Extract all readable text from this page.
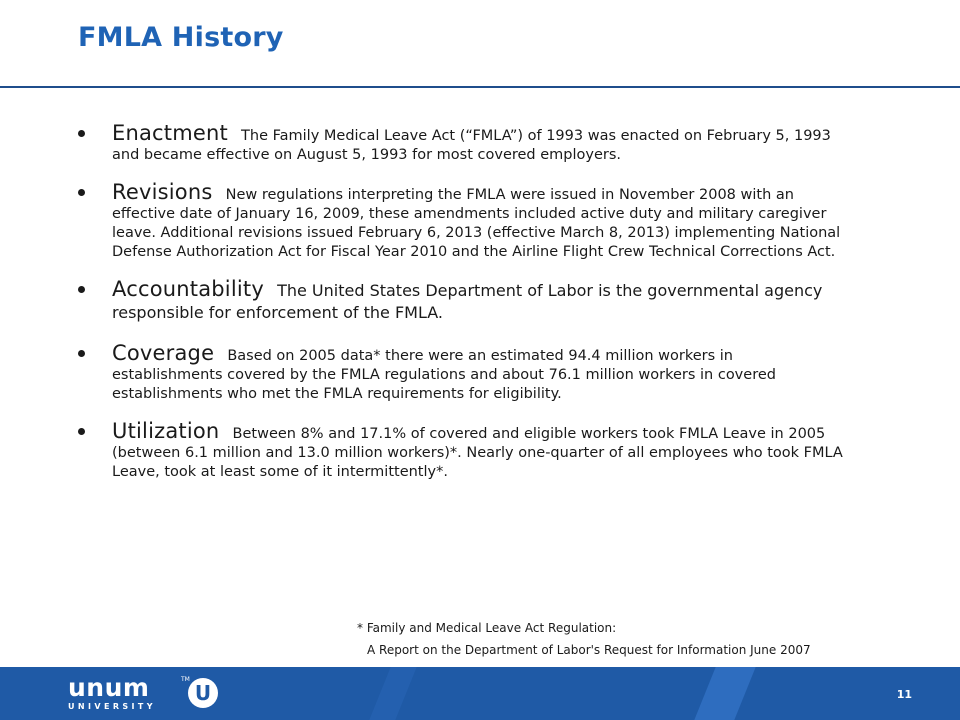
FMLA History
Enactment The Family Medical Leave Act (“FMLA”) of 1993 was enacted on February 5, 1993 and became effective on August 5, 1993 for most covered employers.
Revisions New regulations interpreting the FMLA were issued in November 2008 with an effective date of January 16, 2009, these amendments included active duty and military caregiver leave. Additional revisions issued February 6, 2013 (effective March 8, 2013) implementing National Defense Authorization Act for Fiscal Year 2010 and the Airline Flight Crew Technical Corrections Act.
Accountability The United States Department of Labor is the governmental agency responsible for enforcement of the FMLA.
Coverage Based on 2005 data* there were an estimated 94.4 million workers in establishments covered by the FMLA regulations and about 76.1 million workers in covered establishments who met the FMLA requirements for eligibility.
Utilization Between 8% and 17.1% of covered and eligible workers took FMLA Leave in 2005 (between 6.1 million and 13.0 million workers)*. Nearly one-quarter of all employees who took FMLA Leave, took at least some of it intermittently*.
* Family and Medical Leave Act Regulation:
A Report on the Department of Labor's Request for Information June 2007
unum
UNIVERSITY
TM
U	11
